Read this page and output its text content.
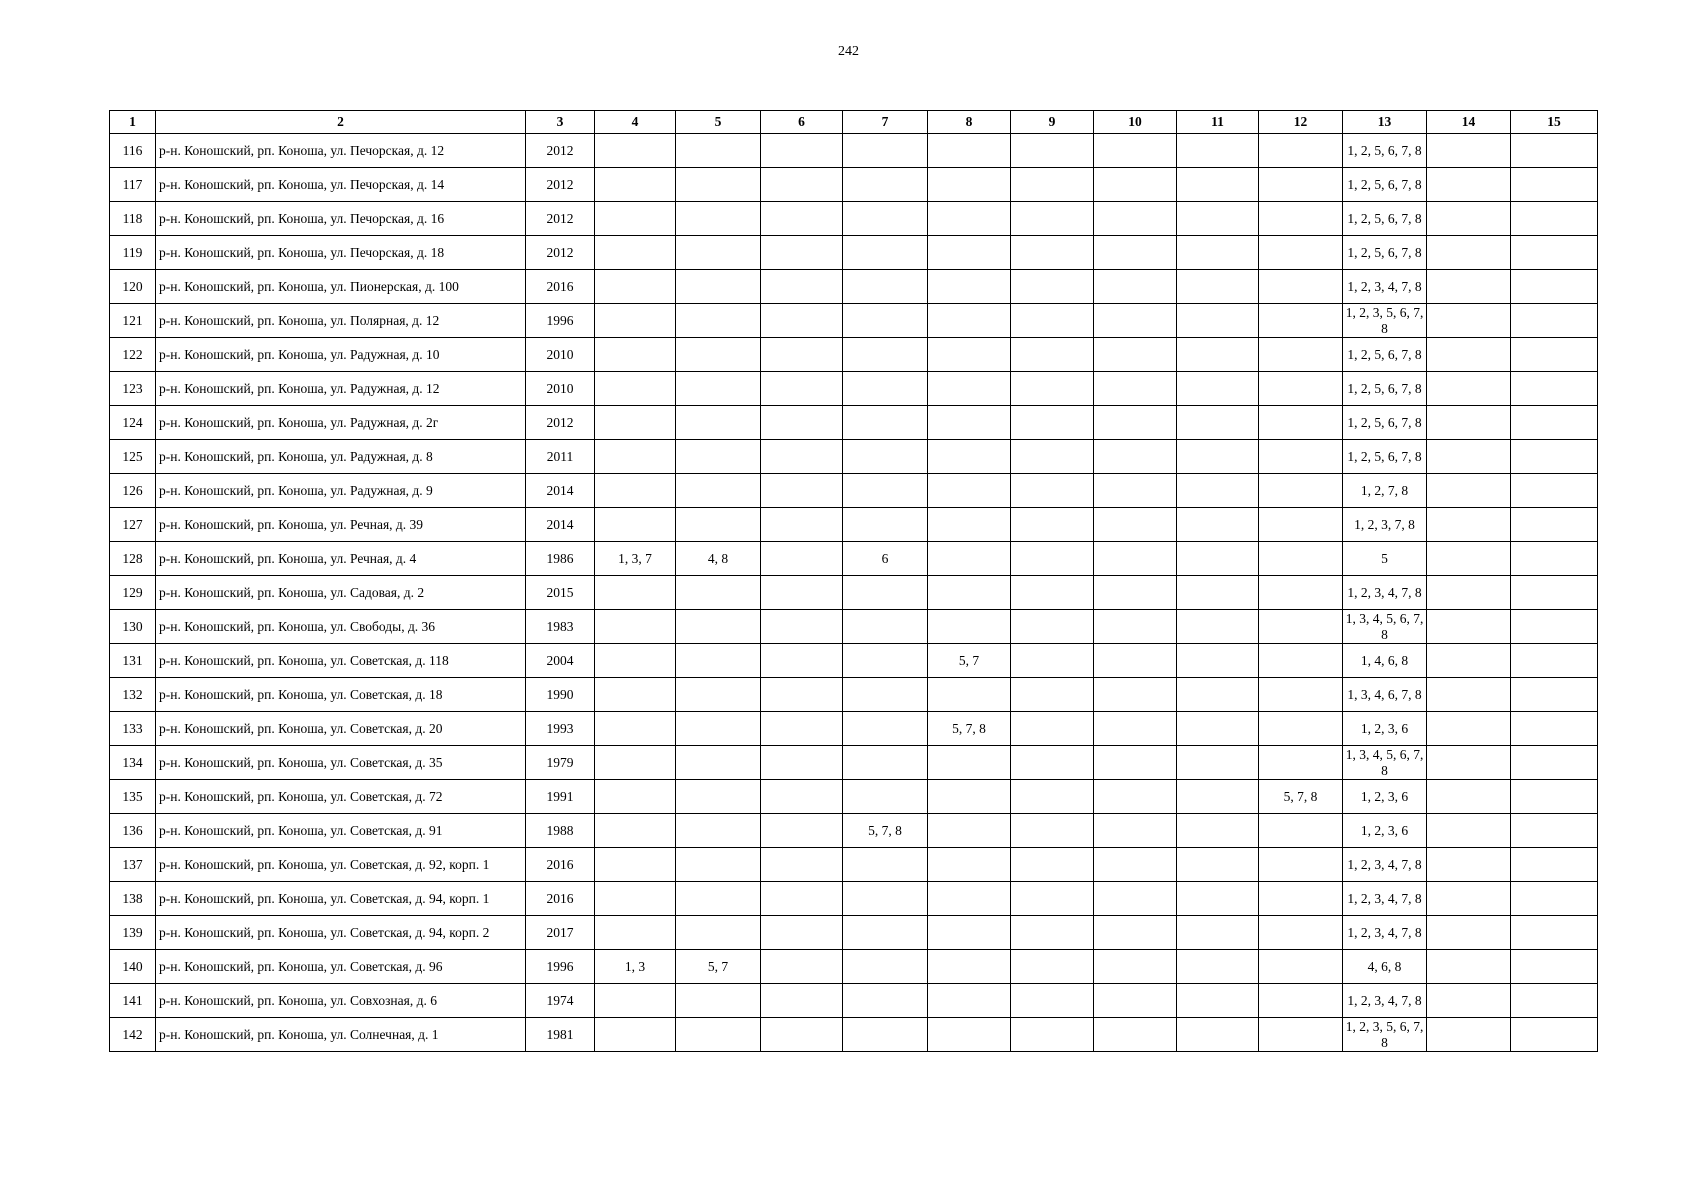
242
1	2	3	4	5	6	7	8	9	10	11	12	13	14	15
116	р-н. Коношский, рп. Коноша, ул. Печорская, д. 12	2012										1, 2, 5, 6, 7, 8		
117	р-н. Коношский, рп. Коноша, ул. Печорская, д. 14	2012										1, 2, 5, 6, 7, 8		
118	р-н. Коношский, рп. Коноша, ул. Печорская, д. 16	2012										1, 2, 5, 6, 7, 8		
119	р-н. Коношский, рп. Коноша, ул. Печорская, д. 18	2012										1, 2, 5, 6, 7, 8		
120	р-н. Коношский, рп. Коноша, ул. Пионерская, д. 100	2016										1, 2, 3, 4, 7, 8		
121	р-н. Коношский, рп. Коноша, ул. Полярная, д. 12	1996										1, 2, 3, 5, 6, 7, 8		
122	р-н. Коношский, рп. Коноша, ул. Радужная, д. 10	2010										1, 2, 5, 6, 7, 8		
123	р-н. Коношский, рп. Коноша, ул. Радужная, д. 12	2010										1, 2, 5, 6, 7, 8		
124	р-н. Коношский, рп. Коноша, ул. Радужная, д. 2г	2012										1, 2, 5, 6, 7, 8		
125	р-н. Коношский, рп. Коноша, ул. Радужная, д. 8	2011										1, 2, 5, 6, 7, 8		
126	р-н. Коношский, рп. Коноша, ул. Радужная, д. 9	2014										1, 2, 7, 8		
127	р-н. Коношский, рп. Коноша, ул. Речная, д. 39	2014										1, 2, 3, 7, 8		
128	р-н. Коношский, рп. Коноша, ул. Речная, д. 4	1986	1, 3, 7	4, 8		6						5		
129	р-н. Коношский, рп. Коноша, ул. Садовая, д. 2	2015										1, 2, 3, 4, 7, 8		
130	р-н. Коношский, рп. Коноша, ул. Свободы, д. 36	1983										1, 3, 4, 5, 6, 7, 8		
131	р-н. Коношский, рп. Коноша, ул. Советская, д. 118	2004					5, 7					1, 4, 6, 8		
132	р-н. Коношский, рп. Коноша, ул. Советская, д. 18	1990										1, 3, 4, 6, 7, 8		
133	р-н. Коношский, рп. Коноша, ул. Советская, д. 20	1993					5, 7, 8					1, 2, 3, 6		
134	р-н. Коношский, рп. Коноша, ул. Советская, д. 35	1979										1, 3, 4, 5, 6, 7, 8		
135	р-н. Коношский, рп. Коноша, ул. Советская, д. 72	1991									5, 7, 8	1, 2, 3, 6		
136	р-н. Коношский, рп. Коноша, ул. Советская, д. 91	1988				5, 7, 8						1, 2, 3, 6		
137	р-н. Коношский, рп. Коноша, ул. Советская, д. 92, корп. 1	2016										1, 2, 3, 4, 7, 8		
138	р-н. Коношский, рп. Коноша, ул. Советская, д. 94, корп. 1	2016										1, 2, 3, 4, 7, 8		
139	р-н. Коношский, рп. Коноша, ул. Советская, д. 94, корп. 2	2017										1, 2, 3, 4, 7, 8		
140	р-н. Коношский, рп. Коноша, ул. Советская, д. 96	1996	1, 3	5, 7								4, 6, 8		
141	р-н. Коношский, рп. Коноша, ул. Совхозная, д. 6	1974										1, 2, 3, 4, 7, 8		
142	р-н. Коношский, рп. Коноша, ул. Солнечная, д. 1	1981										1, 2, 3, 5, 6, 7, 8		
